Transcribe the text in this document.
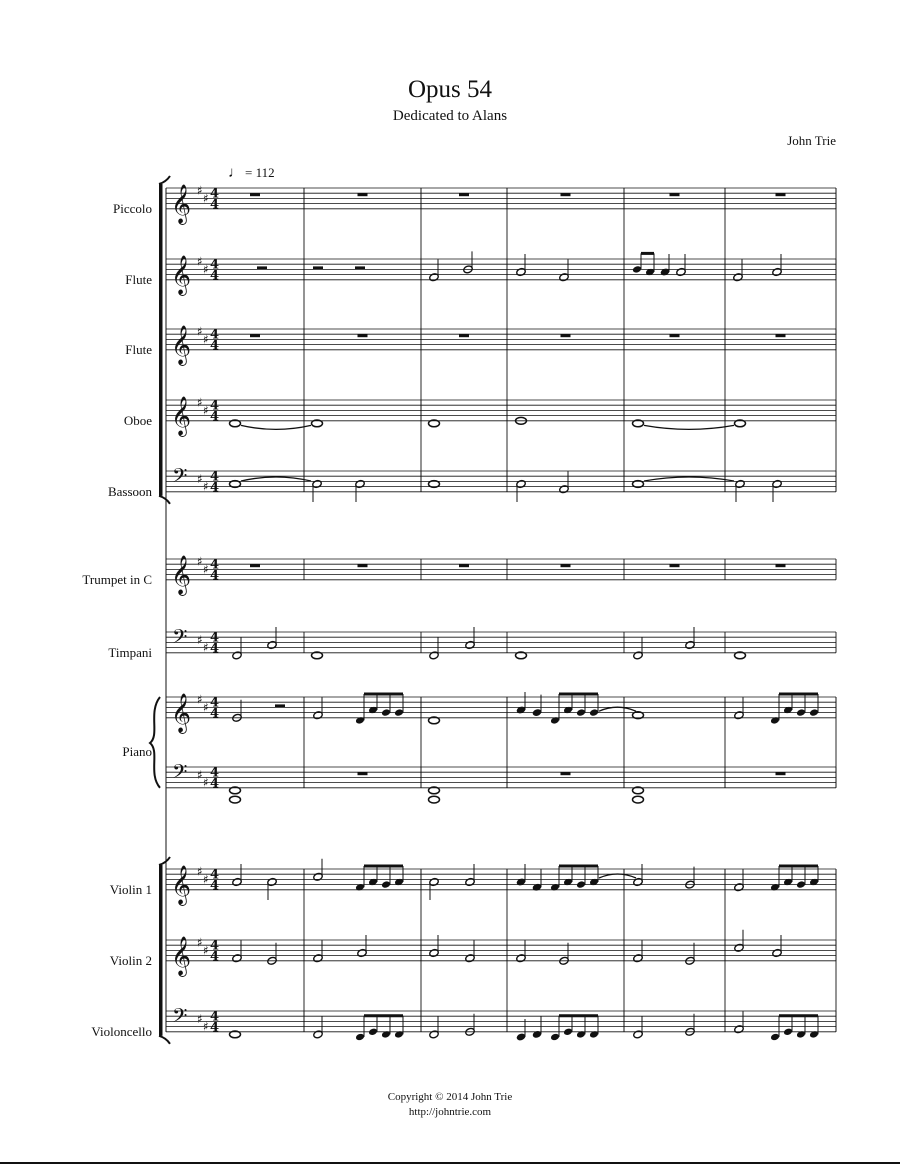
Opus 54
Dedicated to Alans
John Trie
♩ = 112
Piccolo
Flute
Flute
Oboe
Bassoon
Trumpet in C
Timpani
Piano
Violin 1
Violin 2
Violoncello
𝄞 ♯
♯ 4
4
𝄞 ♯
♯ 4
4
𝄞 ♯
♯ 4
4
𝄞 ♯
♯ 4
4
𝄢 ♯
♯
4
4
𝄞 ♯
♯ 4
4
𝄢 ♯
♯
4
4
𝄞 ♯
♯ 4
4
𝄢 ♯
♯
4
4
𝄞 ♯
♯ 4
4
𝄞 ♯
♯ 4
4
𝄢 ♯
♯
4
4
Copyright © 2014 John Trie
http://johntrie.com
